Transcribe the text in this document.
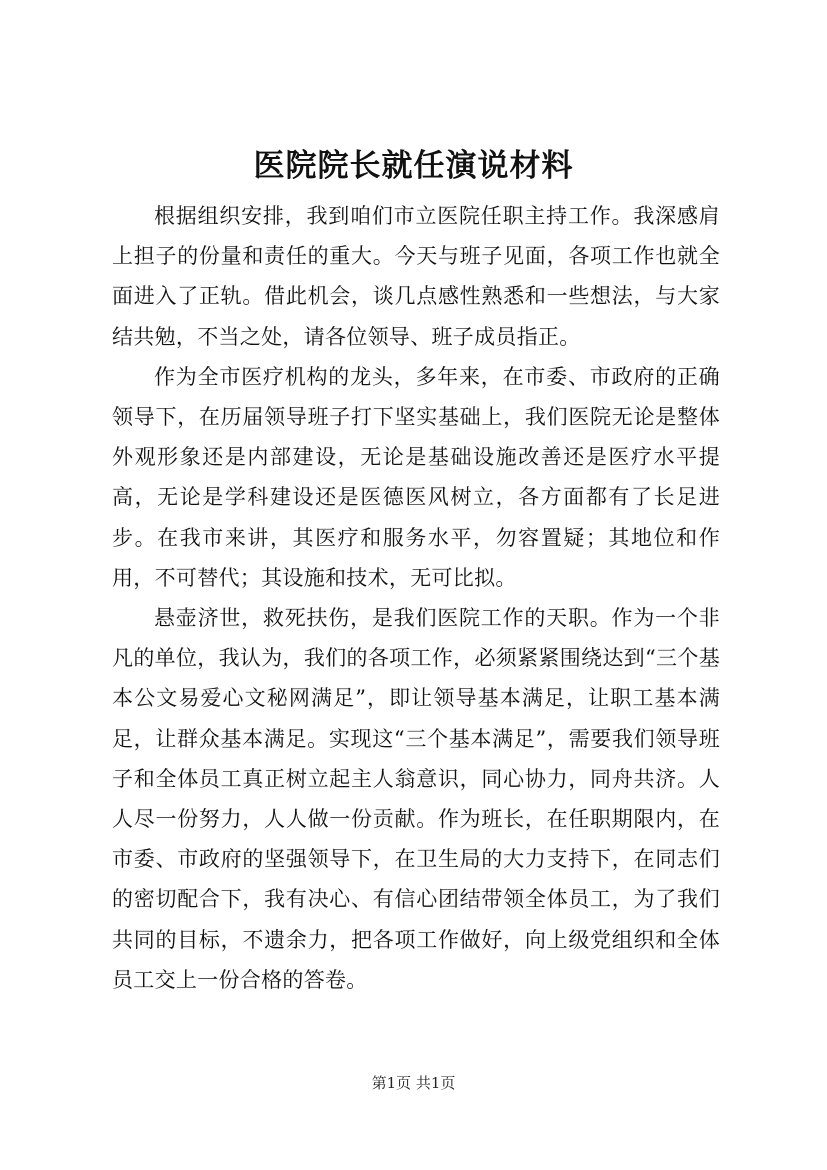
医院院长就任演说材料

根据组织安排，我到咱们市立医院任职主持工作。我深感肩上担子的份量和责任的重大。今天与班子见面，各项工作也就全面进入了正轨。借此机会，谈几点感性熟悉和一些想法，与大家结共勉，不当之处，请各位领导、班子成员指正。

作为全市医疗机构的龙头，多年来，在市委、市政府的正确领导下，在历届领导班子打下坚实基础上，我们医院无论是整体外观形象还是内部建设，无论是基础设施改善还是医疗水平提高，无论是学科建设还是医德医风树立，各方面都有了长足进步。在我市来讲，其医疗和服务水平，勿容置疑；其地位和作用，不可替代；其设施和技术，无可比拟。

悬壶济世，救死扶伤，是我们医院工作的天职。作为一个非凡的单位，我认为，我们的各项工作，必须紧紧围绕达到“三个基本公文易爱心文秘网满足”，即让领导基本满足，让职工基本满足，让群众基本满足。实现这“三个基本满足”，需要我们领导班子和全体员工真正树立起主人翁意识，同心协力，同舟共济。人人尽一份努力，人人做一份贡献。作为班长，在任职期限内，在市委、市政府的坚强领导下，在卫生局的大力支持下，在同志们的密切配合下，我有决心、有信心团结带领全体员工，为了我们共同的目标，不遗余力，把各项工作做好，向上级党组织和全体员工交上一份合格的答卷。

第1页 共1页
